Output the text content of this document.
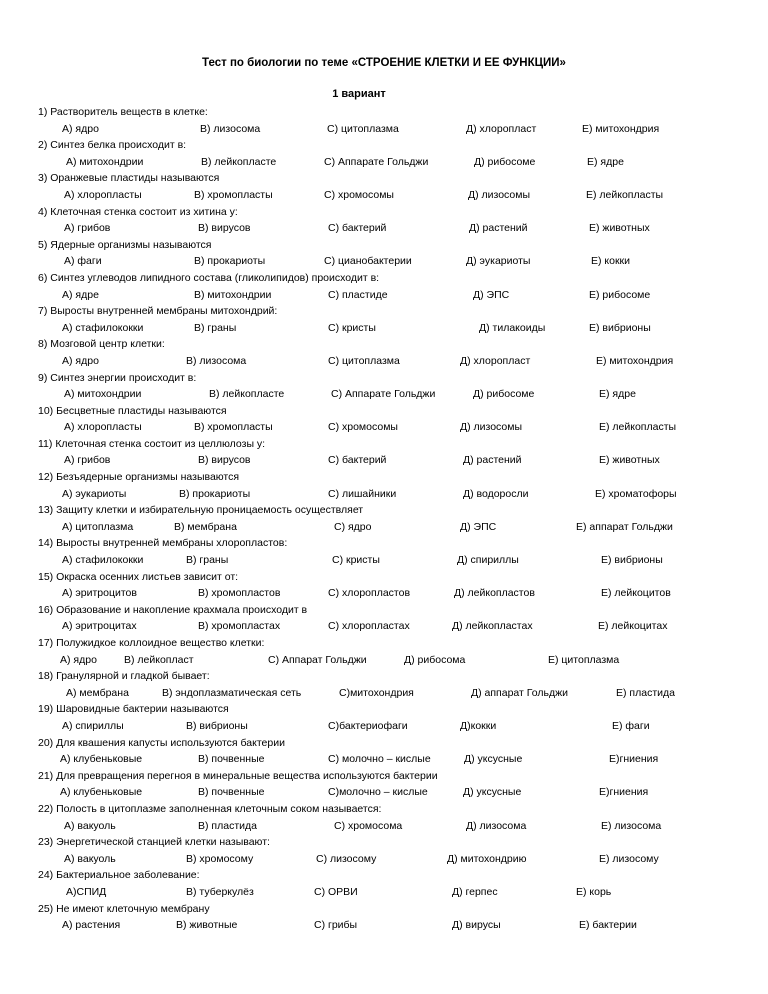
Тест по биологии по теме «СТРОЕНИЕ КЛЕТКИ И ЕЕ ФУНКЦИИ»
1 вариант
1) Растворитель веществ в клетке:
А) ядро	В) лизосома	С) цитоплазма	Д) хлоропласт	Е) митохондрия
2) Синтез белка происходит в:
А) митохондрии	В) лейкопласте	С) Аппарате Гольджи	Д) рибосоме	Е) ядре
3) Оранжевые пластиды называются
А) хлоропласты	В) хромопласты	С) хромосомы	Д) лизосомы	Е) лейкопласты
4) Клеточная стенка состоит из хитина у:
А) грибов	В) вирусов	С) бактерий	Д) растений	Е) животных
5) Ядерные организмы называются
А) фаги	В) прокариоты	С) цианобактерии	Д) эукариоты	Е) кокки
6) Синтез углеводов липидного состава (гликолипидов) происходит в:
А) ядре	В) митохондрии	С) пластиде	Д) ЭПС	Е) рибосоме
7) Выросты внутренней мембраны митохондрий:
А) стафилококки	В) граны	С) кристы	Д) тилакоиды	Е) вибрионы
8) Мозговой центр клетки:
А) ядро	В) лизосома	С) цитоплазма	Д) хлоропласт	Е) митохондрия
9) Синтез энергии происходит в:
А) митохондрии	В) лейкопласте	С) Аппарате Гольджи	Д) рибосоме	Е) ядре
10) Бесцветные пластиды называются
А) хлоропласты	В) хромопласты	С) хромосомы	Д) лизосомы	Е) лейкопласты
11) Клеточная стенка состоит из целлюлозы у:
А) грибов	В) вирусов	С) бактерий	Д) растений	Е) животных
12) Безъядерные организмы называются
А) эукариоты	В) прокариоты	С) лишайники	Д) водоросли	Е) хроматофоры
13) Защиту клетки и избирательную проницаемость осуществляет
А) цитоплазма	В) мембрана	С) ядро	Д) ЭПС	Е) аппарат Гольджи
14) Выросты внутренней мембраны хлоропластов:
А) стафилококки	В) граны	С) кристы	Д) спириллы	Е) вибрионы
15) Окраска осенних листьев зависит от:
А) эритроцитов	В) хромопластов	С) хлоропластов	Д) лейкопластов	Е) лейкоцитов
16) Образование и накопление крахмала происходит в
А) эритроцитах	В) хромопластах	С) хлоропластах	Д) лейкопластах	Е) лейкоцитах
17) Полужидкое коллоидное вещество клетки:
А) ядро	В) лейкопласт	С) Аппарат Гольджи	Д) рибосома	Е) цитоплазма
18) Гранулярной и гладкой бывает:
А) мембрана	В) эндоплазматическая сеть	С)митохондрия	Д) аппарат Гольджи	Е) пластида
19) Шаровидные бактерии называются
А) спириллы	В) вибрионы	С)бактериофаги	Д)кокки	Е) фаги
20) Для квашения капусты используются бактерии
А) клубеньковые	В) почвенные	С) молочно – кислые	Д) уксусные	Е)гниения
21) Для превращения перегноя в минеральные вещества используются бактерии
А) клубеньковые	В) почвенные	С)молочно – кислые	Д) уксусные	Е)гниения
22) Полость в цитоплазме заполненная клеточным соком называется:
А) вакуоль	В) пластида	С) хромосома	Д) лизосома	Е) лизосома
23) Энергетической станцией клетки называют:
А) вакуоль	В) хромосому	С) лизосому	Д) митохондрию	Е) лизосому
24) Бактериальное заболевание:
А)СПИД	В) туберкулёз	С) ОРВИ	Д) герпес	Е) корь
25) Не имеют клеточную мембрану
А) растения	В) животные	С) грибы	Д) вирусы	Е) бактерии
